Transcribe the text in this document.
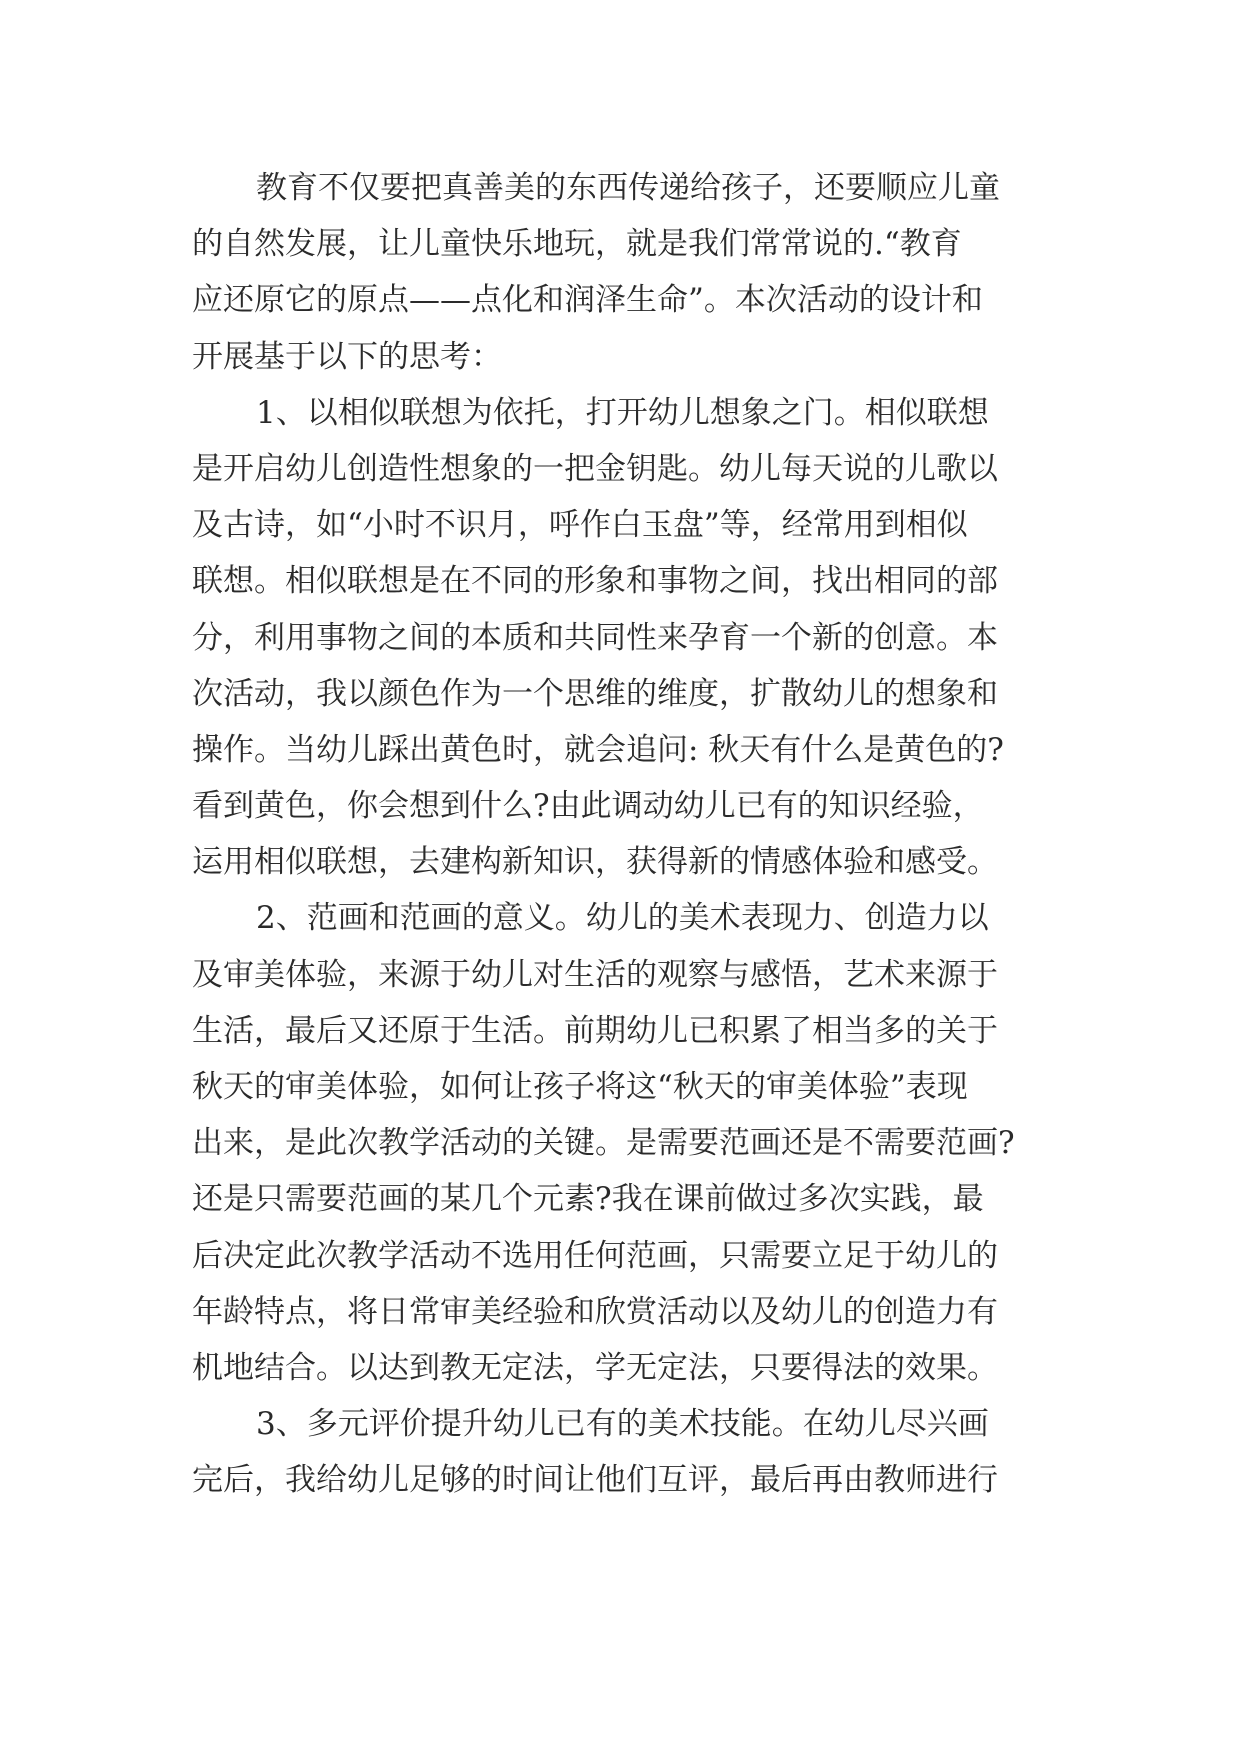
教育不仅要把真善美的东西传递给孩子，还要顺应儿童
的自然发展，让儿童快乐地玩，就是我们常常说的.“教育
应还原它的原点——点化和润泽生命”。本次活动的设计和
开展基于以下的思考：
1、以相似联想为依托，打开幼儿想象之门。相似联想
是开启幼儿创造性想象的一把金钥匙。幼儿每天说的儿歌以
及古诗，如“小时不识月，呼作白玉盘”等，经常用到相似
联想。相似联想是在不同的形象和事物之间，找出相同的部
分，利用事物之间的本质和共同性来孕育一个新的创意。本
次活动，我以颜色作为一个思维的维度，扩散幼儿的想象和
操作。当幼儿踩出黄色时，就会追问: 秋天有什么是黄色的?
看到黄色，你会想到什么?由此调动幼儿已有的知识经验，
运用相似联想，去建构新知识，获得新的情感体验和感受。
2、范画和范画的意义。幼儿的美术表现力、创造力以
及审美体验，来源于幼儿对生活的观察与感悟，艺术来源于
生活，最后又还原于生活。前期幼儿已积累了相当多的关于
秋天的审美体验，如何让孩子将这“秋天的审美体验”表现
出来，是此次教学活动的关键。是需要范画还是不需要范画?
还是只需要范画的某几个元素?我在课前做过多次实践，最
后决定此次教学活动不选用任何范画，只需要立足于幼儿的
年龄特点，将日常审美经验和欣赏活动以及幼儿的创造力有
机地结合。以达到教无定法，学无定法，只要得法的效果。
3、多元评价提升幼儿已有的美术技能。在幼儿尽兴画
完后，我给幼儿足够的时间让他们互评，最后再由教师进行
